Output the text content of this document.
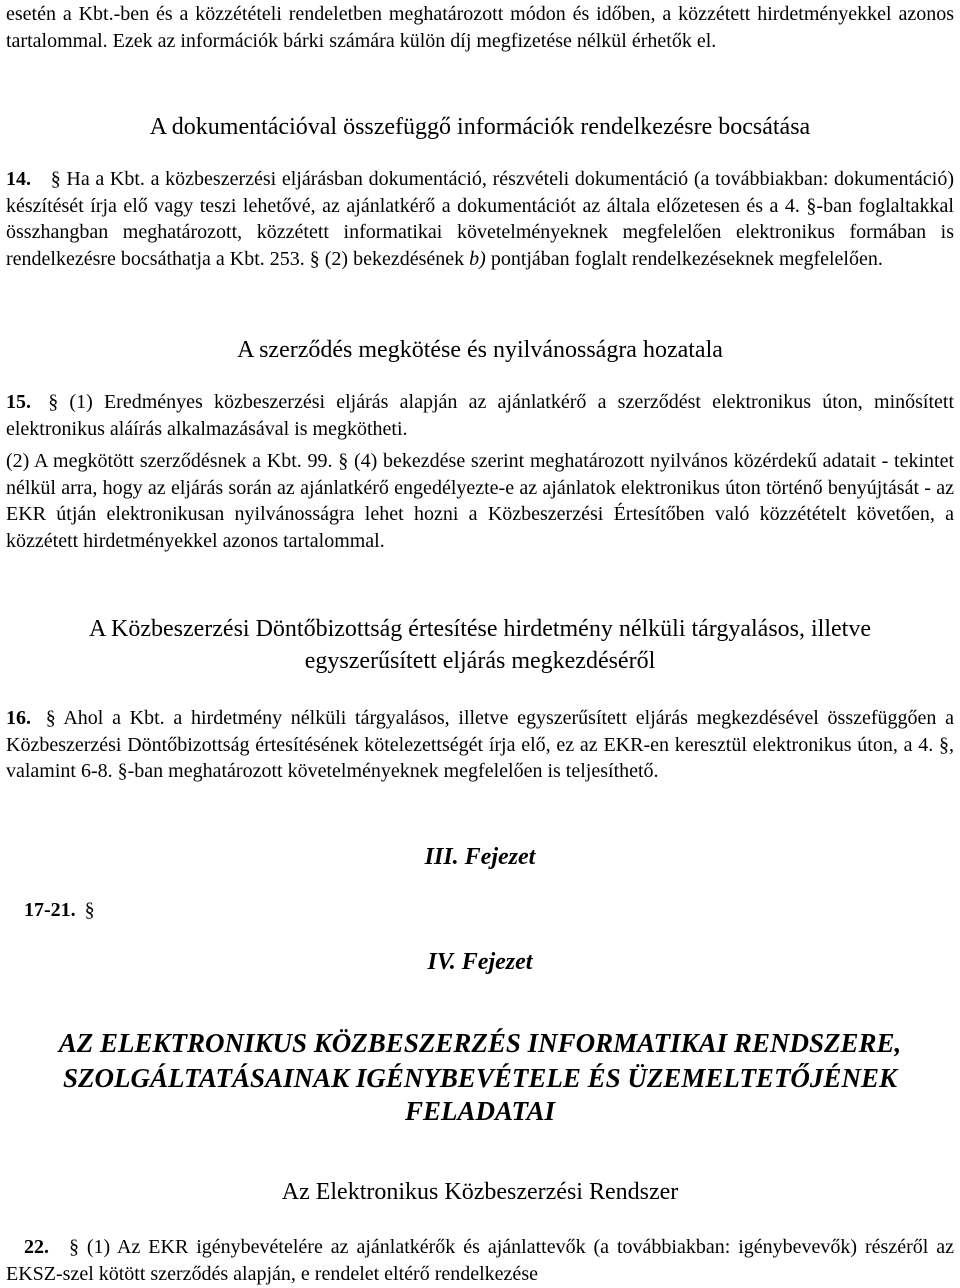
esetén a Kbt.-ben és a közzétételi rendeletben meghatározott módon és időben, a közzétett hirdetményekkel azonos tartalommal. Ezek az információk bárki számára külön díj megfizetése nélkül érhetők el.

A dokumentációval összefüggő információk rendelkezésre bocsátása

14. § Ha a Kbt. a közbeszerzési eljárásban dokumentáció, részvételi dokumentáció (a továbbiakban: dokumentáció) készítését írja elő vagy teszi lehetővé, az ajánlatkérő a dokumentációt az általa előzetesen és a 4. §-ban foglaltakkal összhangban meghatározott, közzétett informatikai követelményeknek megfelelően elektronikus formában is rendelkezésre bocsáthatja a Kbt. 253. § (2) bekezdésének b) pontjában foglalt rendelkezéseknek megfelelően.

A szerződés megkötése és nyilvánosságra hozatala

15. § (1) Eredményes közbeszerzési eljárás alapján az ajánlatkérő a szerződést elektronikus úton, minősített elektronikus aláírás alkalmazásával is megkötheti.

(2) A megkötött szerződésnek a Kbt. 99. § (4) bekezdése szerint meghatározott nyilvános közérdekű adatait - tekintet nélkül arra, hogy az eljárás során az ajánlatkérő engedélyezte-e az ajánlatok elektronikus úton történő benyújtását - az EKR útján elektronikusan nyilvánosságra lehet hozni a Közbeszerzési Értesítőben való közzétételt követően, a közzétett hirdetményekkel azonos tartalommal.

A Közbeszerzési Döntőbizottság értesítése hirdetmény nélküli tárgyalásos, illetve

egyszerűsített eljárás megkezdéséről

16. § Ahol a Kbt. a hirdetmény nélküli tárgyalásos, illetve egyszerűsített eljárás megkezdésével összefüggően a Közbeszerzési Döntőbizottság értesítésének kötelezettségét írja elő, ez az EKR-en keresztül elektronikus úton, a 4. §, valamint 6-8. §-ban meghatározott követelményeknek megfelelően is teljesíthető.

III. Fejezet

17-21. §

IV. Fejezet

AZ ELEKTRONIKUS KÖZBESZERZÉS INFORMATIKAI RENDSZERE,

SZOLGÁLTATÁSAINAK IGÉNYBEVÉTELE ÉS ÜZEMELTETŐJÉNEK

FELADATAI

Az Elektronikus Közbeszerzési Rendszer

22. § (1) Az EKR igénybevételére az ajánlatkérők és ajánlattevők (a továbbiakban: igénybevevők) részéről az EKSZ-szel kötött szerződés alapján, e rendelet eltérő rendelkezése
